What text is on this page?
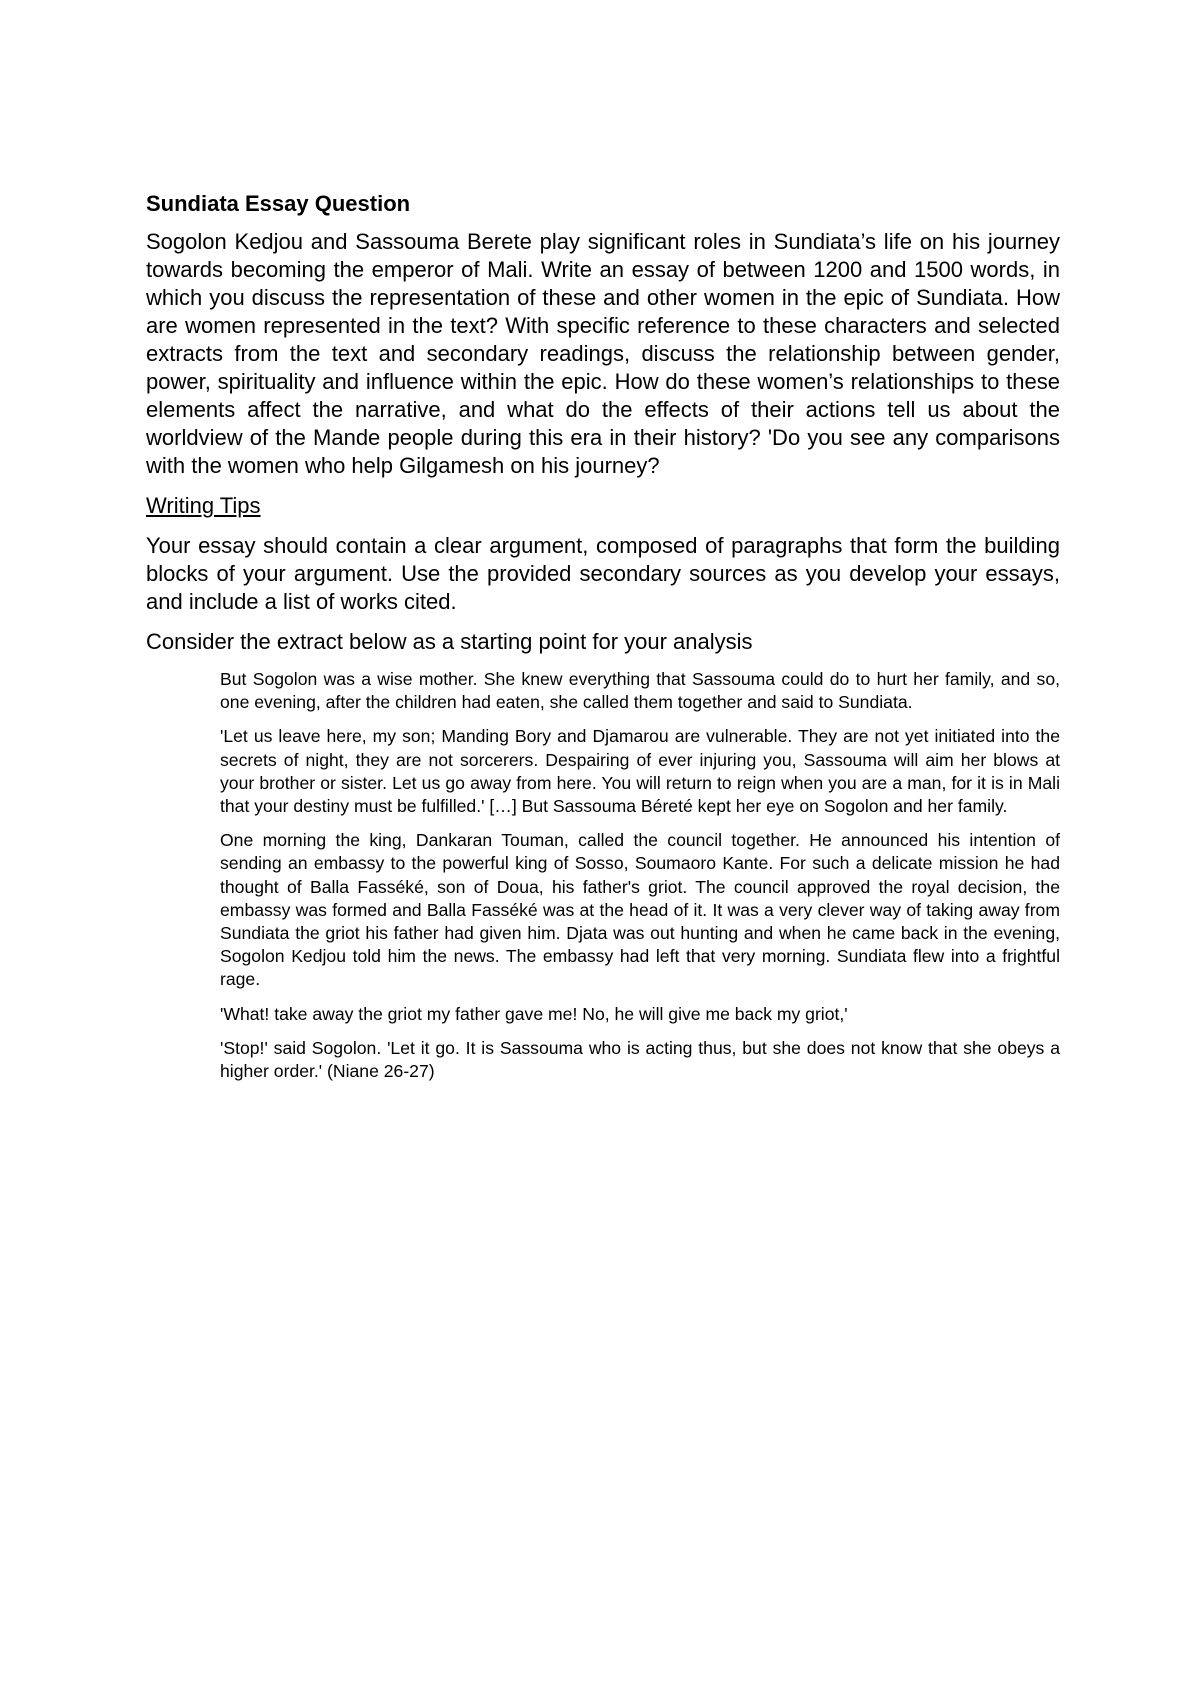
Sundiata Essay Question

Sogolon Kedjou and Sassouma Berete play significant roles in Sundiata’s life on his journey towards becoming the emperor of Mali. Write an essay of between 1200 and 1500 words, in which you discuss the representation of these and other women in the epic of Sundiata. How are women represented in the text? With specific reference to these characters and selected extracts from the text and secondary readings, discuss the relationship between gender, power, spirituality and influence within the epic. How do these women’s relationships to these elements affect the narrative, and what do the effects of their actions tell us about the worldview of the Mande people during this era in their history? 'Do you see any comparisons with the women who help Gilgamesh on his journey?

Writing Tips

Your essay should contain a clear argument, composed of paragraphs that form the building blocks of your argument. Use the provided secondary sources as you develop your essays, and include a list of works cited.

Consider the extract below as a starting point for your analysis

But Sogolon was a wise mother. She knew everything that Sassouma could do to hurt her family, and so, one evening, after the children had eaten, she called them together and said to Sundiata.

'Let us leave here, my son; Manding Bory and Djamarou are vulnerable. They are not yet initiated into the secrets of night, they are not sorcerers. Despairing of ever injuring you, Sassouma will aim her blows at your brother or sister. Let us go away from here. You will return to reign when you are a man, for it is in Mali that your destiny must be fulfilled.' […] But Sassouma Béreté kept her eye on Sogolon and her family.

One morning the king, Dankaran Touman, called the council together. He announced his intention of sending an embassy to the powerful king of Sosso, Soumaoro Kante. For such a delicate mission he had thought of Balla Fasséké, son of Doua, his father's griot. The council approved the royal decision, the embassy was formed and Balla Fasséké was at the head of it. It was a very clever way of taking away from Sundiata the griot his father had given him. Djata was out hunting and when he came back in the evening, Sogolon Kedjou told him the news. The embassy had left that very morning. Sundiata flew into a frightful rage.

'What! take away the griot my father gave me! No, he will give me back my griot,'

'Stop!' said Sogolon. 'Let it go. It is Sassouma who is acting thus, but she does not know that she obeys a higher order.' (Niane 26-27)
